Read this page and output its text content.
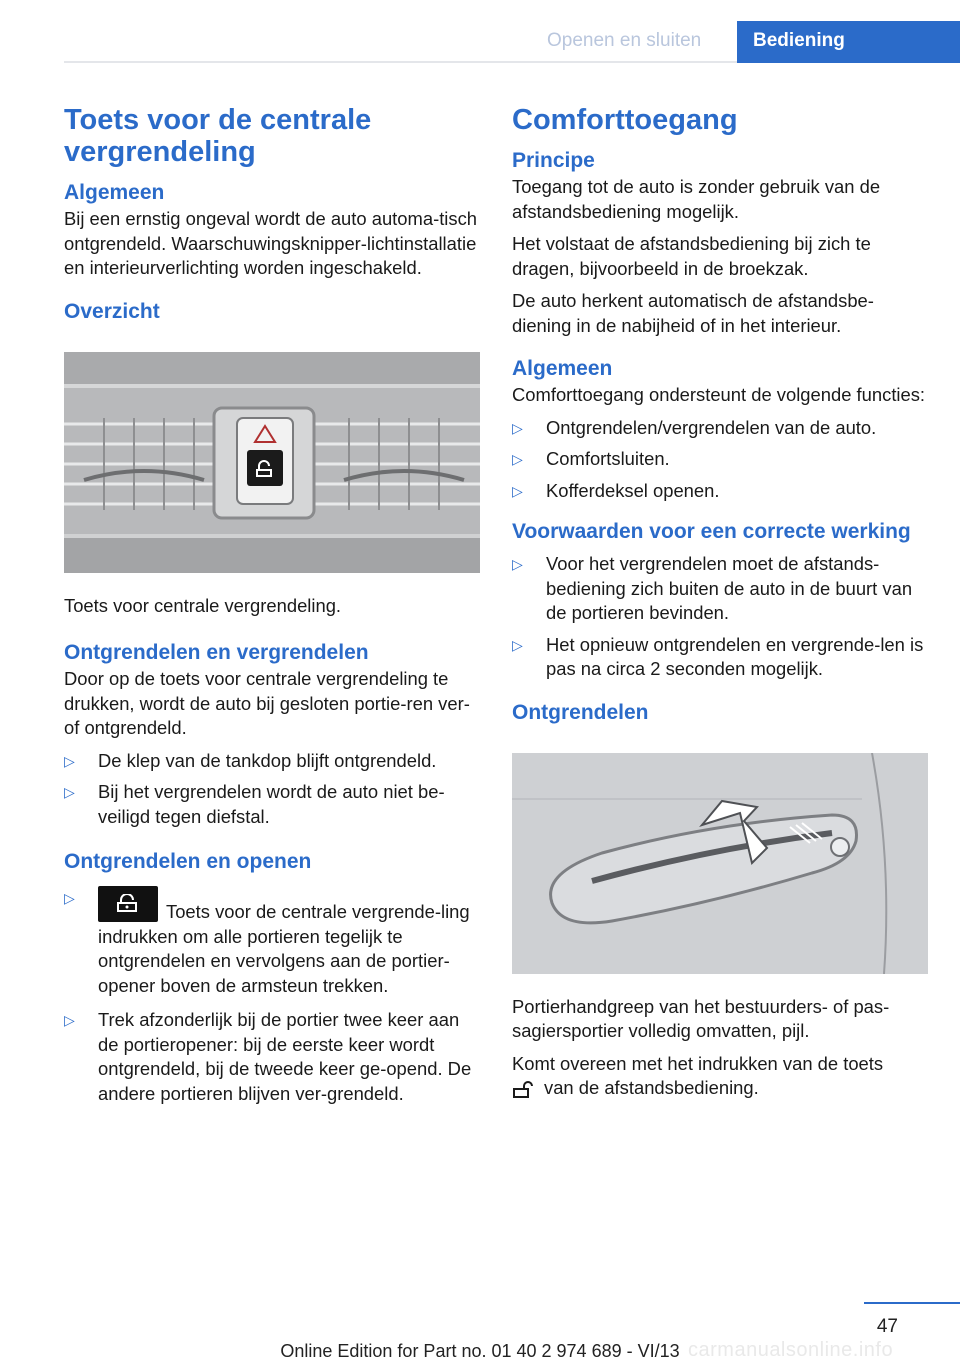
Openen en sluiten	Bediening
Toets voor de centrale vergrendeling
Algemeen

Bij een ernstig ongeval wordt de auto automa-tisch ontgrendeld. Waarschuwingsknipper-lichtinstallatie en interieurverlichting worden ingeschakeld.

Overzicht

Toets voor centrale vergrendeling.

Ontgrendelen en vergrendelen

Door op de toets voor centrale vergrendeling te drukken, wordt de auto bij gesloten portie-ren ver- of ontgrendeld.

▷ De klep van de tankdop blijft ontgrendeld.
▷ Bij het vergrendelen wordt de auto niet be-veiligd tegen diefstal.
Ontgrendelen en openen
▷
Toets voor de centrale vergrende-ling indrukken om alle portieren tegelijk te ontgrendelen en vervolgens aan de portier-opener boven de armsteun trekken.
▷ Trek afzonderlijk bij de portier twee keer aan de portieropener: bij de eerste keer wordt ontgrendeld, bij de tweede keer ge-opend. De andere portieren blijven ver-grendeld.
Comforttoegang
Principe

Toegang tot de auto is zonder gebruik van de afstandsbediening mogelijk.

Het volstaat de afstandsbediening bij zich te dragen, bijvoorbeeld in de broekzak.

De auto herkent automatisch de afstandsbe-diening in de nabijheid of in het interieur.

Algemeen

Comforttoegang ondersteunt de volgende functies:

▷ Ontgrendelen/vergrendelen van de auto.
▷ Comfortsluiten.
▷ Kofferdeksel openen.
Voorwaarden voor een correcte werking
▷ Voor het vergrendelen moet de afstands-bediening zich buiten de auto in de buurt van de portieren bevinden.
▷ Het opnieuw ontgrendelen en vergrende-len is pas na circa 2 seconden mogelijk.
Ontgrendelen

Portierhandgreep van het bestuurders- of pas-sagiersportier volledig omvatten, pijl.

Komt overeen met het indrukken van de toets
van de afstandsbediening.

47
Online Edition for Part no. 01 40 2 974 689 - VI/13 carmanualsonline.info
